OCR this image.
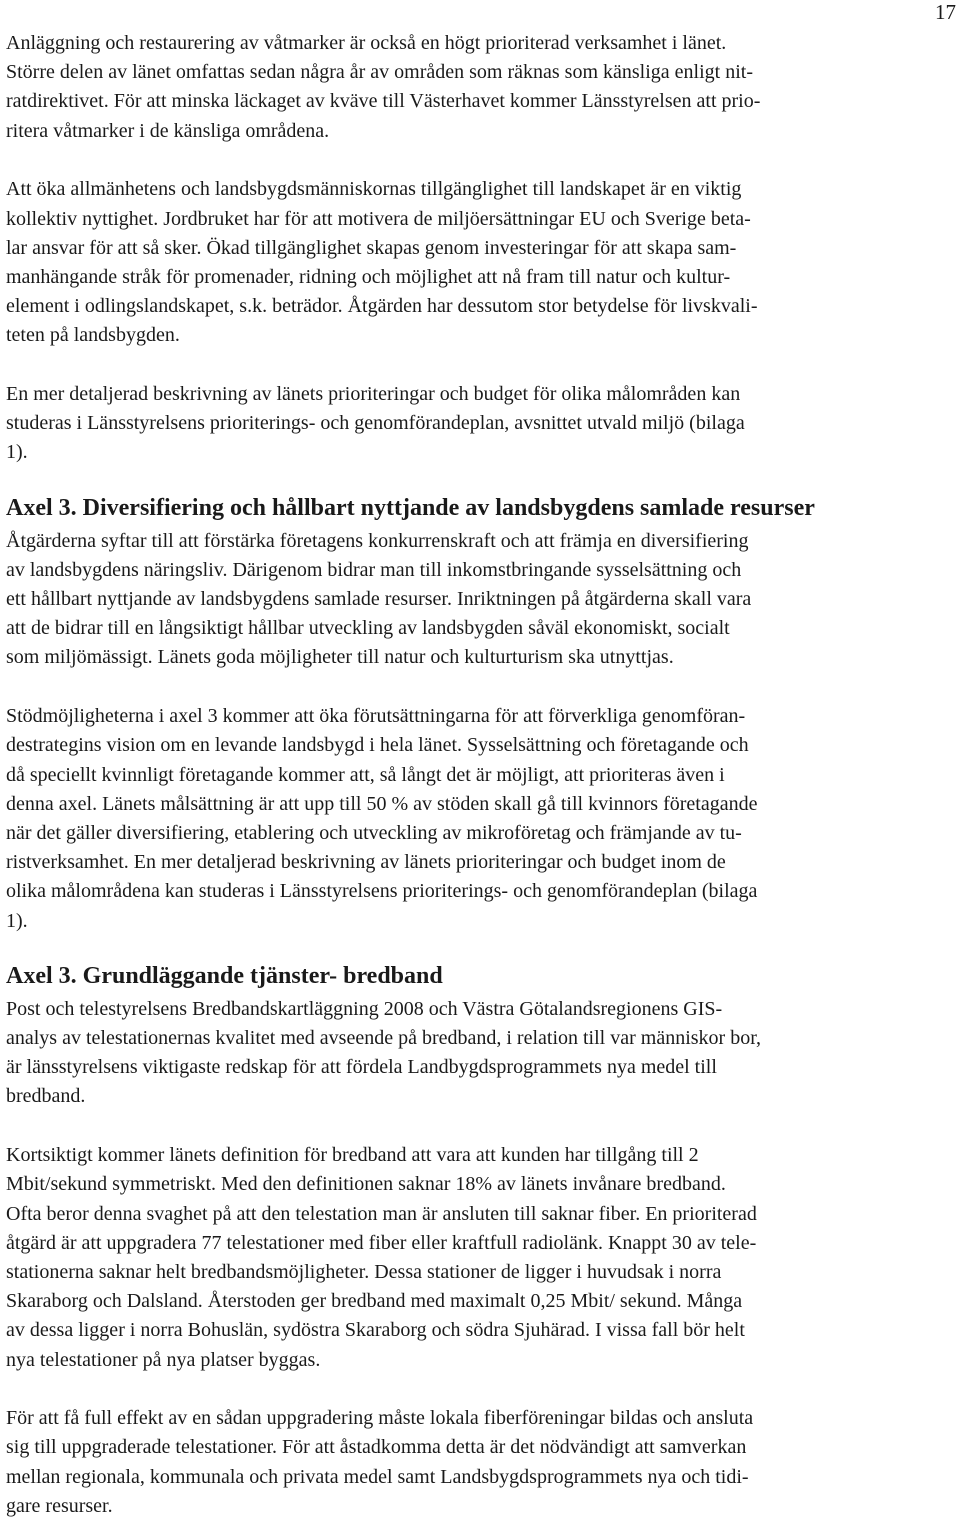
17

Anläggning och restaurering av våtmarker är också en högt prioriterad verksamhet i länet.
Större delen av länet omfattas sedan några år av områden som räknas som känsliga enligt nit-
ratdirektivet. För att minska läckaget av kväve till Västerhavet kommer Länsstyrelsen att prio-
ritera våtmarker i de känsliga områdena.

Att öka allmänhetens och landsbygdsmänniskornas tillgänglighet till landskapet är en viktig
kollektiv nyttighet. Jordbruket har för att motivera de miljöersättningar EU och Sverige beta-
lar ansvar för att så sker. Ökad tillgänglighet skapas genom investeringar för att skapa sam-
manhängande stråk för promenader, ridning och möjlighet att nå fram till natur och kultur-
element i odlingslandskapet, s.k. beträdor. Åtgärden har dessutom stor betydelse för livskvali-
teten på landsbygden.

En mer detaljerad beskrivning av länets prioriteringar och budget för olika målområden kan
studeras i Länsstyrelsens prioriterings- och genomförandeplan, avsnittet utvald miljö (bilaga
1).

Axel 3. Diversifiering och hållbart nyttjande av landsbygdens samlade resurser

Åtgärderna syftar till att förstärka företagens konkurrenskraft och att främja en diversifiering
av landsbygdens näringsliv. Därigenom bidrar man till inkomstbringande sysselsättning och
ett hållbart nyttjande av landsbygdens samlade resurser. Inriktningen på åtgärderna skall vara
att de bidrar till en långsiktigt hållbar utveckling av landsbygden såväl ekonomiskt, socialt
som miljömässigt. Länets goda möjligheter till natur och kulturturism ska utnyttjas.

Stödmöjligheterna i axel 3 kommer att öka förutsättningarna för att förverkliga genomföran-
destrategins vision om en levande landsbygd i hela länet. Sysselsättning och företagande och
då speciellt kvinnligt företagande kommer att, så långt det är möjligt, att prioriteras även i
denna axel. Länets målsättning är att upp till 50 % av stöden skall gå till kvinnors företagande
när det gäller diversifiering, etablering och utveckling av mikroföretag och främjande av tu-
ristverksamhet. En mer detaljerad beskrivning av länets prioriteringar och budget inom de
olika målområdena kan studeras i Länsstyrelsens prioriterings- och genomförandeplan (bilaga
1).

Axel 3. Grundläggande tjänster- bredband

Post och telestyrelsens Bredbandskartläggning 2008 och Västra Götalandsregionens GIS-
analys av telestationernas kvalitet med avseende på bredband, i relation till var människor bor,
är länsstyrelsens viktigaste redskap för att fördela Landbygdsprogrammets nya medel till
bredband.

Kortsiktigt kommer länets definition för bredband att vara att kunden har tillgång till 2
Mbit/sekund symmetriskt. Med den definitionen saknar 18% av länets invånare bredband.
Ofta beror denna svaghet på att den telestation man är ansluten till saknar fiber. En prioriterad
åtgärd är att uppgradera 77 telestationer med fiber eller kraftfull radiolänk. Knappt 30 av tele-
stationerna saknar helt bredbandsmöjligheter. Dessa stationer de ligger i huvudsak i norra
Skaraborg och Dalsland. Återstoden ger bredband med maximalt 0,25 Mbit/ sekund. Många
av dessa ligger i norra Bohuslän, sydöstra Skaraborg och södra Sjuhärad. I vissa fall bör helt
nya telestationer på nya platser byggas.

För att få full effekt av en sådan uppgradering måste lokala fiberföreningar bildas och ansluta
sig till uppgraderade telestationer. För att åstadkomma detta är det nödvändigt att samverkan
mellan regionala, kommunala och privata medel samt Landsbygdsprogrammets nya och tidi-
gare resurser.
